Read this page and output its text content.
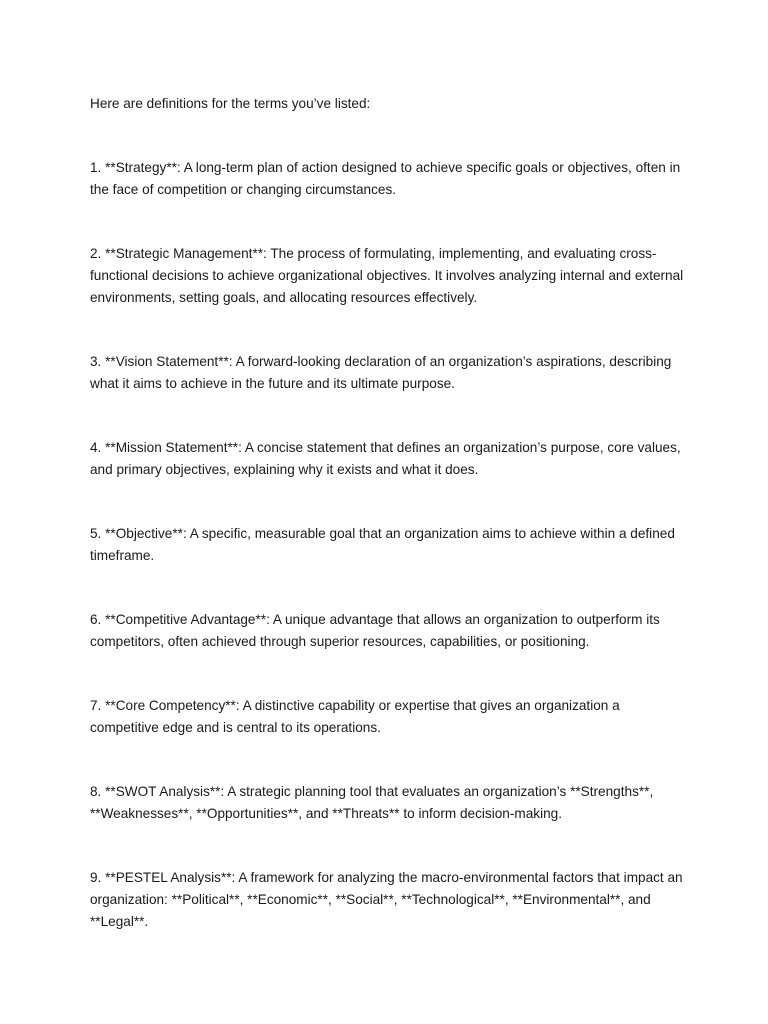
Here are definitions for the terms you’ve listed:

1. **Strategy**: A long-term plan of action designed to achieve specific goals or objectives, often in the face of competition or changing circumstances.

2. **Strategic Management**: The process of formulating, implementing, and evaluating cross-functional decisions to achieve organizational objectives. It involves analyzing internal and external environments, setting goals, and allocating resources effectively.

3. **Vision Statement**: A forward-looking declaration of an organization’s aspirations, describing what it aims to achieve in the future and its ultimate purpose.

4. **Mission Statement**: A concise statement that defines an organization’s purpose, core values, and primary objectives, explaining why it exists and what it does.

5. **Objective**: A specific, measurable goal that an organization aims to achieve within a defined timeframe.

6. **Competitive Advantage**: A unique advantage that allows an organization to outperform its competitors, often achieved through superior resources, capabilities, or positioning.

7. **Core Competency**: A distinctive capability or expertise that gives an organization a competitive edge and is central to its operations.

8. **SWOT Analysis**: A strategic planning tool that evaluates an organization’s **Strengths**, **Weaknesses**, **Opportunities**, and **Threats** to inform decision-making.

9. **PESTEL Analysis**: A framework for analyzing the macro-environmental factors that impact an organization: **Political**, **Economic**, **Social**, **Technological**, **Environmental**, and **Legal**.
